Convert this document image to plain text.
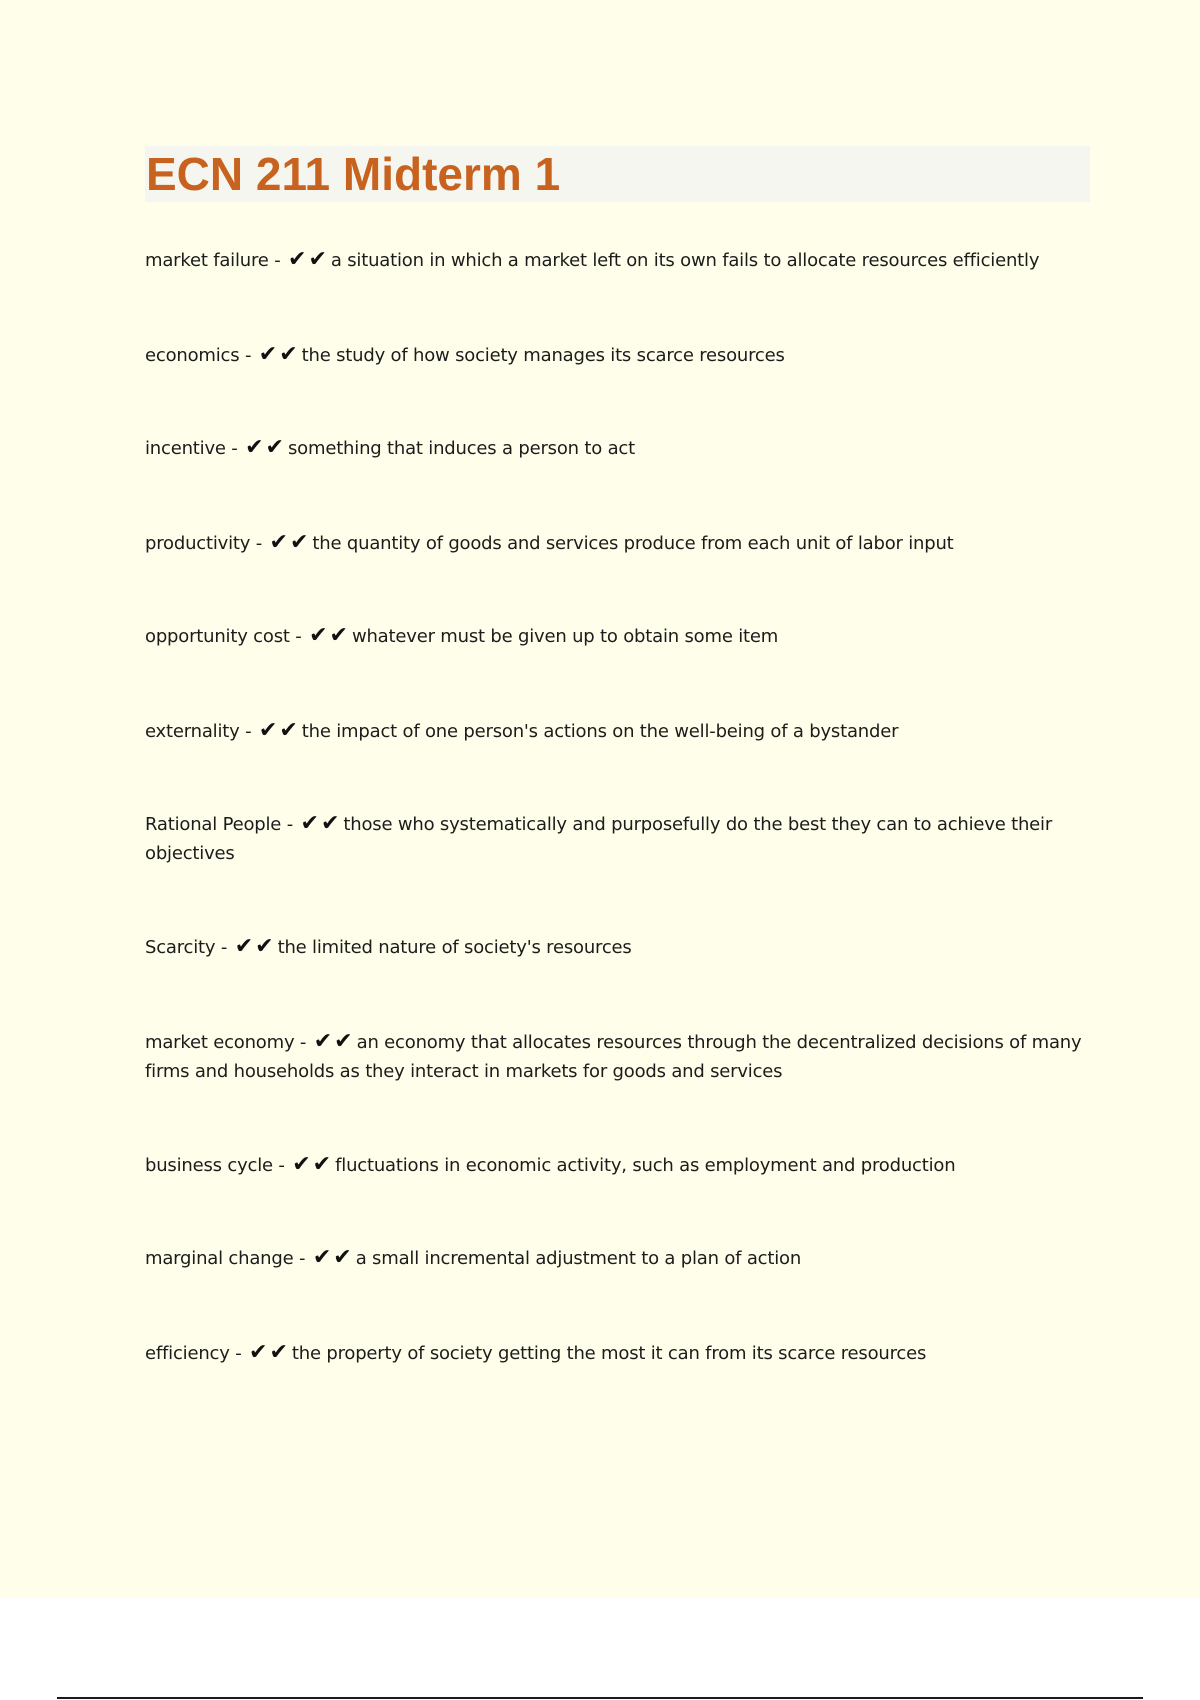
ECN 211 Midterm 1
market failure - ✔✔ a situation in which a market left on its own fails to allocate resources efficiently
economics - ✔✔ the study of how society manages its scarce resources
incentive - ✔✔ something that induces a person to act
productivity - ✔✔ the quantity of goods and services produce from each unit of labor input
opportunity cost - ✔✔ whatever must be given up to obtain some item
externality - ✔✔ the impact of one person's actions on the well-being of a bystander
Rational People - ✔✔ those who systematically and purposefully do the best they can to achieve their objectives
Scarcity - ✔✔ the limited nature of society's resources
market economy - ✔✔ an economy that allocates resources through the decentralized decisions of many firms and households as they interact in markets for goods and services
business cycle - ✔✔ fluctuations in economic activity, such as employment and production
marginal change - ✔✔ a small incremental adjustment to a plan of action
efficiency - ✔✔ the property of society getting the most it can from its scarce resources
